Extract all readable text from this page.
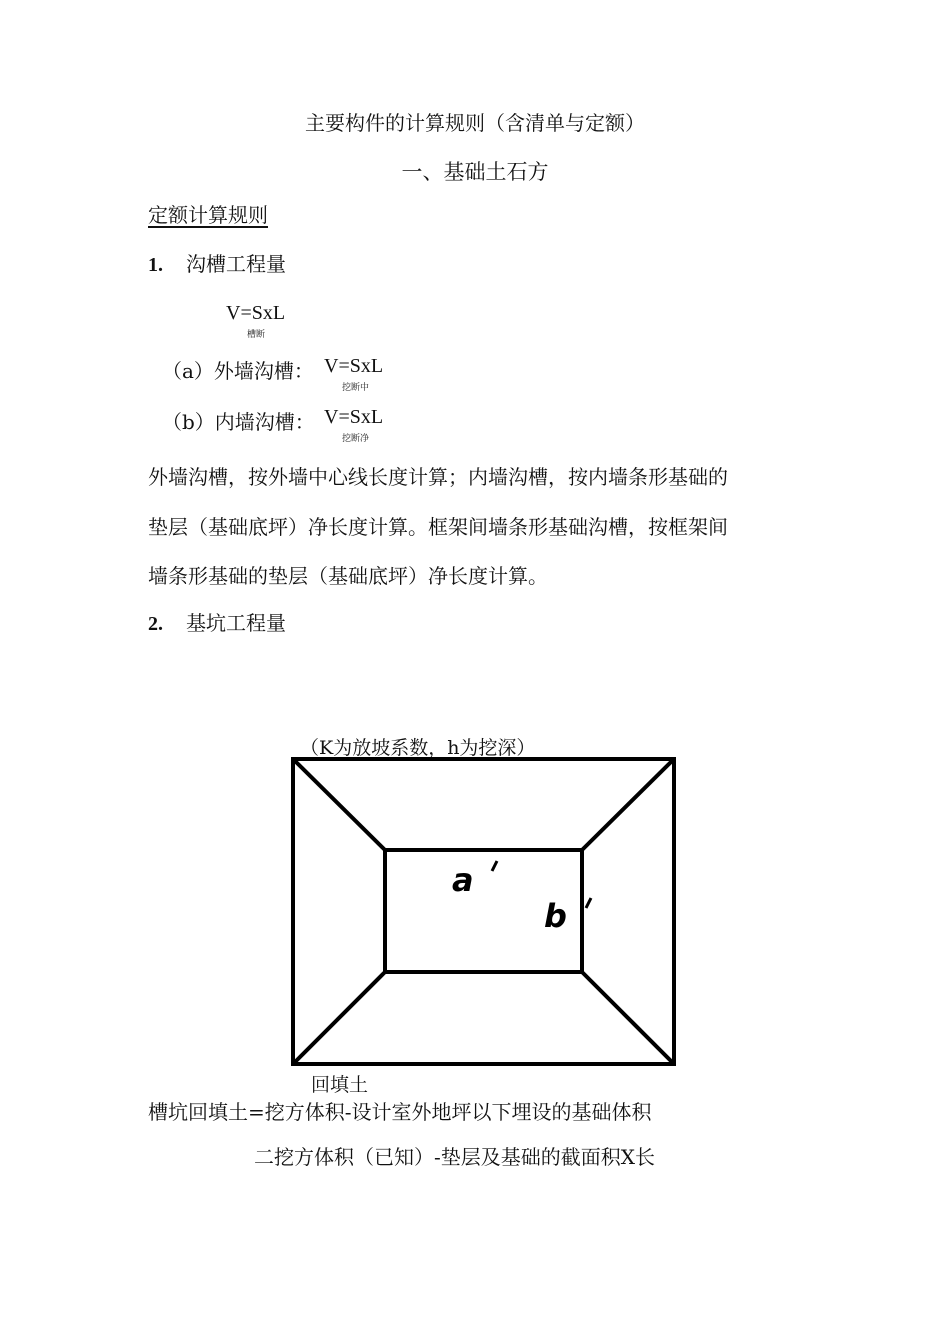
主要构件的计算规则（含清单与定额）
一、基础土石方
定额计算规则
1. 沟槽工程量
V=SxL
槽断
（a）外墙沟槽： V=SxL
挖断中
（b）内墙沟槽： V=SxL
挖断净
外墙沟槽，按外墙中心线长度计算；内墙沟槽，按内墙条形基础的
垫层（基础底坪）净长度计算。框架间墙条形基础沟槽，按框架间
墙条形基础的垫层（基础底坪）净长度计算。
2. 基坑工程量
（K为放坡系数，h为挖深）
a
b
回填土
槽坑回填土=挖方体积-设计室外地坪以下埋设的基础体积
二挖方体积（已知）-垫层及基础的截面积X长
